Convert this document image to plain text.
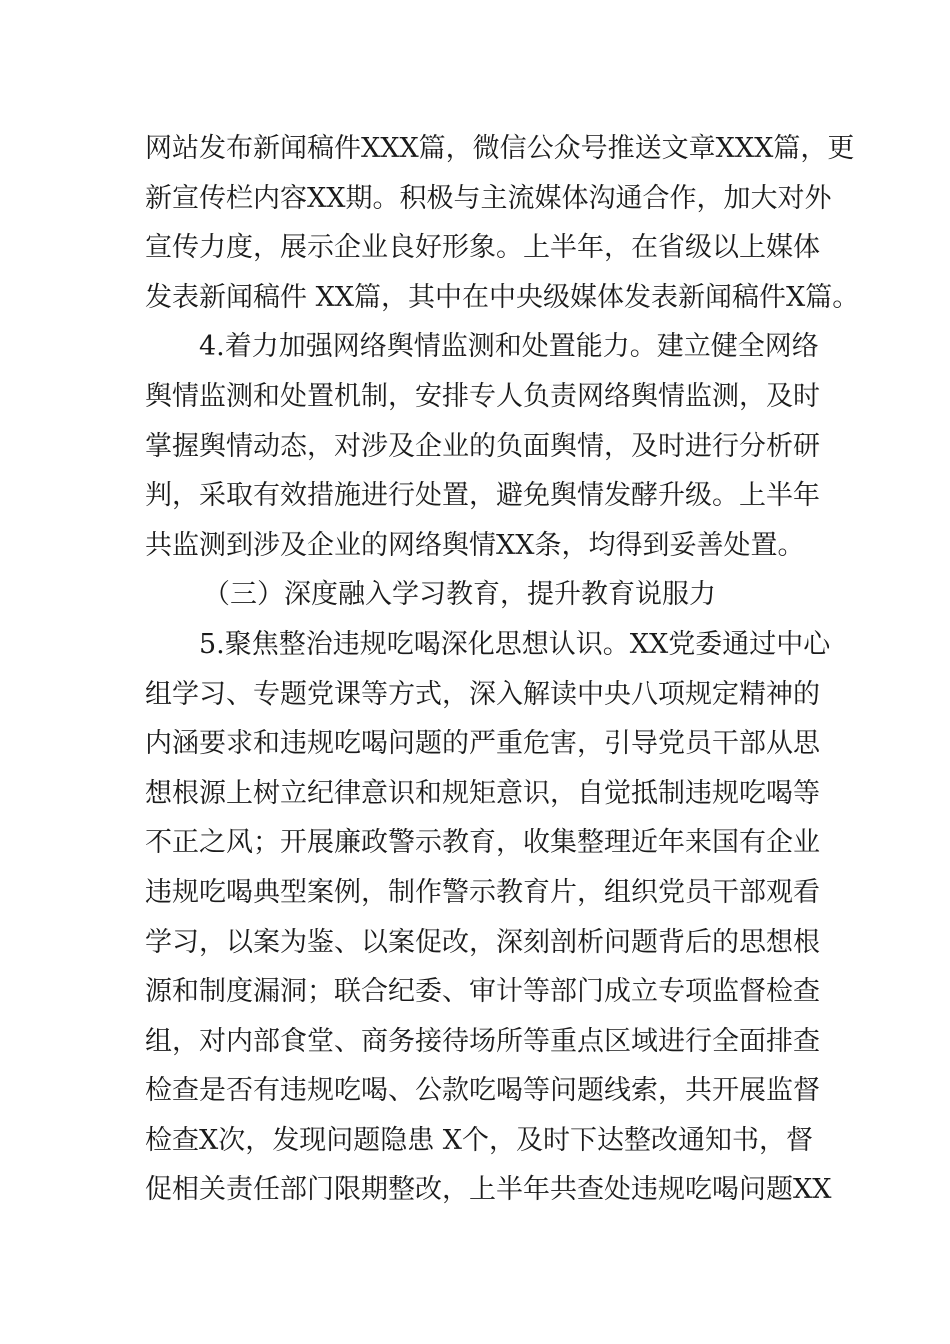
网站发布新闻稿件XXX篇，微信公众号推送文章XXX篇，更
新宣传栏内容XX期。积极与主流媒体沟通合作，加大对外
宣传力度，展示企业良好形象。上半年，在省级以上媒体
发表新闻稿件 XX篇，其中在中央级媒体发表新闻稿件X篇。
4.着力加强网络舆情监测和处置能力。建立健全网络
舆情监测和处置机制，安排专人负责网络舆情监测，及时
掌握舆情动态，对涉及企业的负面舆情，及时进行分析研
判，采取有效措施进行处置，避免舆情发酵升级。上半年
共监测到涉及企业的网络舆情XX条，均得到妥善处置。
（三）深度融入学习教育，提升教育说服力
5.聚焦整治违规吃喝深化思想认识。XX党委通过中心
组学习、专题党课等方式，深入解读中央八项规定精神的
内涵要求和违规吃喝问题的严重危害，引导党员干部从思
想根源上树立纪律意识和规矩意识，自觉抵制违规吃喝等
不正之风；开展廉政警示教育，收集整理近年来国有企业
违规吃喝典型案例，制作警示教育片，组织党员干部观看
学习，以案为鉴、以案促改，深刻剖析问题背后的思想根
源和制度漏洞；联合纪委、审计等部门成立专项监督检查
组，对内部食堂、商务接待场所等重点区域进行全面排查
检查是否有违规吃喝、公款吃喝等问题线索，共开展监督
检查X次，发现问题隐患 X个，及时下达整改通知书，督
促相关责任部门限期整改，上半年共查处违规吃喝问题XX
